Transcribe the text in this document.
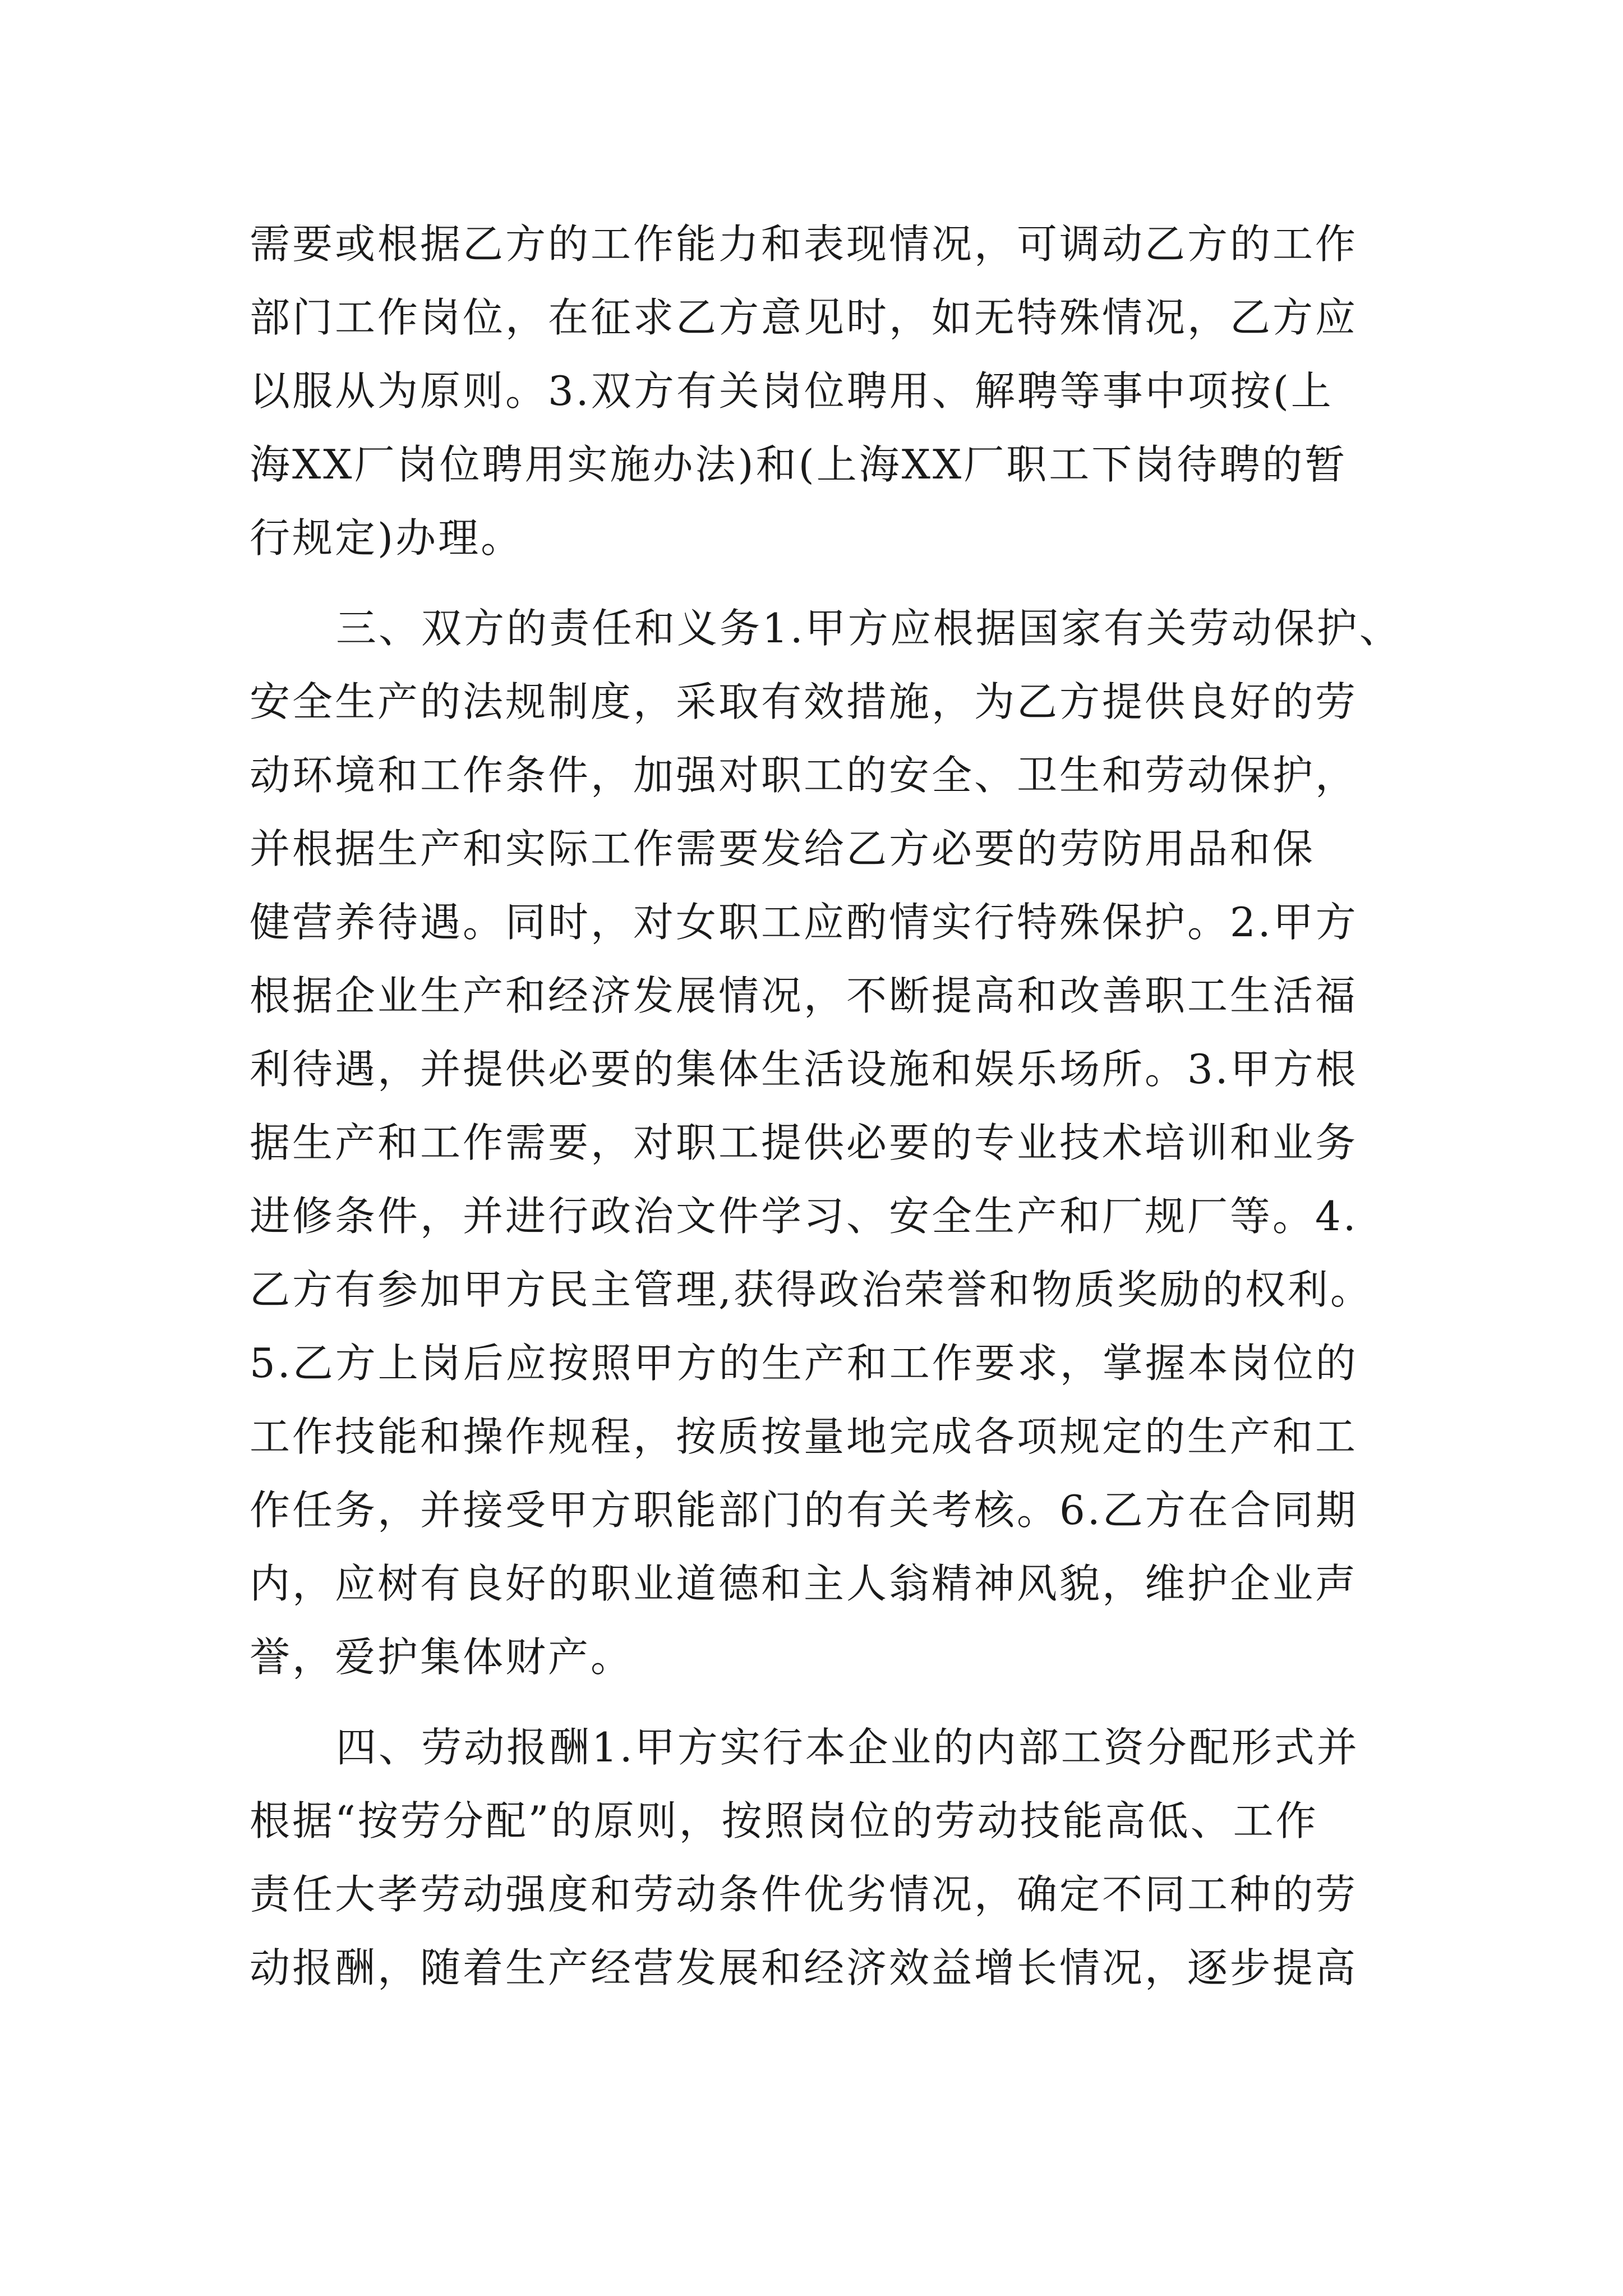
需要或根据乙方的工作能力和表现情况，可调动乙方的工作
部门工作岗位，在征求乙方意见时，如无特殊情况，乙方应
以服从为原则。3.双方有关岗位聘用、解聘等事中项按(上
海XX厂岗位聘用实施办法)和(上海XX厂职工下岗待聘的暂
行规定)办理。
三、双方的责任和义务1.甲方应根据国家有关劳动保护、
安全生产的法规制度，采取有效措施，为乙方提供良好的劳
动环境和工作条件，加强对职工的安全、卫生和劳动保护，
并根据生产和实际工作需要发给乙方必要的劳防用品和保
健营养待遇。同时，对女职工应酌情实行特殊保护。2.甲方
根据企业生产和经济发展情况，不断提高和改善职工生活福
利待遇，并提供必要的集体生活设施和娱乐场所。3.甲方根
据生产和工作需要，对职工提供必要的专业技术培训和业务
进修条件，并进行政治文件学习、安全生产和厂规厂等。4.
乙方有参加甲方民主管理,获得政治荣誉和物质奖励的权利。
5.乙方上岗后应按照甲方的生产和工作要求，掌握本岗位的
工作技能和操作规程，按质按量地完成各项规定的生产和工
作任务，并接受甲方职能部门的有关考核。6.乙方在合同期
内，应树有良好的职业道德和主人翁精神风貌，维护企业声
誉，爱护集体财产。
四、劳动报酬1.甲方实行本企业的内部工资分配形式并
根据“按劳分配”的原则，按照岗位的劳动技能高低、工作
责任大孝劳动强度和劳动条件优劣情况，确定不同工种的劳
动报酬，随着生产经营发展和经济效益增长情况，逐步提高
